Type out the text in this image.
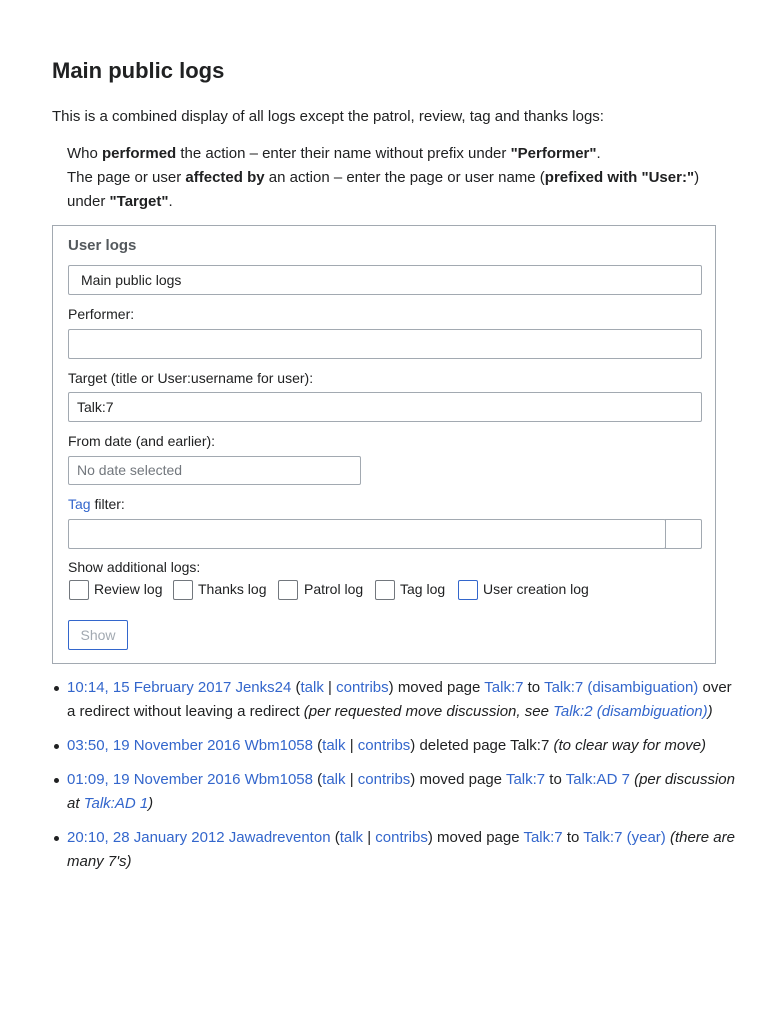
Main public logs

This is a combined display of all logs except the patrol, review, tag and thanks logs:

Who performed the action – enter their name without prefix under "Performer".
The page or user affected by an action – enter the page or user name (prefixed with "User:") under "Target".
User logs
Main public logs
Performer:
Target (title or User:username for user):
Talk:7
From date (and earlier):
No date selected
Tag filter:
Show additional logs:
Review log	Thanks log	Patrol log	Tag log	User creation log
Show
10:14, 15 February 2017 Jenks24 (talk | contribs) moved page Talk:7 to Talk:7 (disambiguation) over a redirect without leaving a redirect (per requested move discussion, see Talk:2 (disambiguation))
03:50, 19 November 2016 Wbm1058 (talk | contribs) deleted page Talk:7 (to clear way for move)
01:09, 19 November 2016 Wbm1058 (talk | contribs) moved page Talk:7 to Talk:AD 7 (per discussion at Talk:AD 1)
20:10, 28 January 2012 Jawadreventon (talk | contribs) moved page Talk:7 to Talk:7 (year) (there are many 7's)
